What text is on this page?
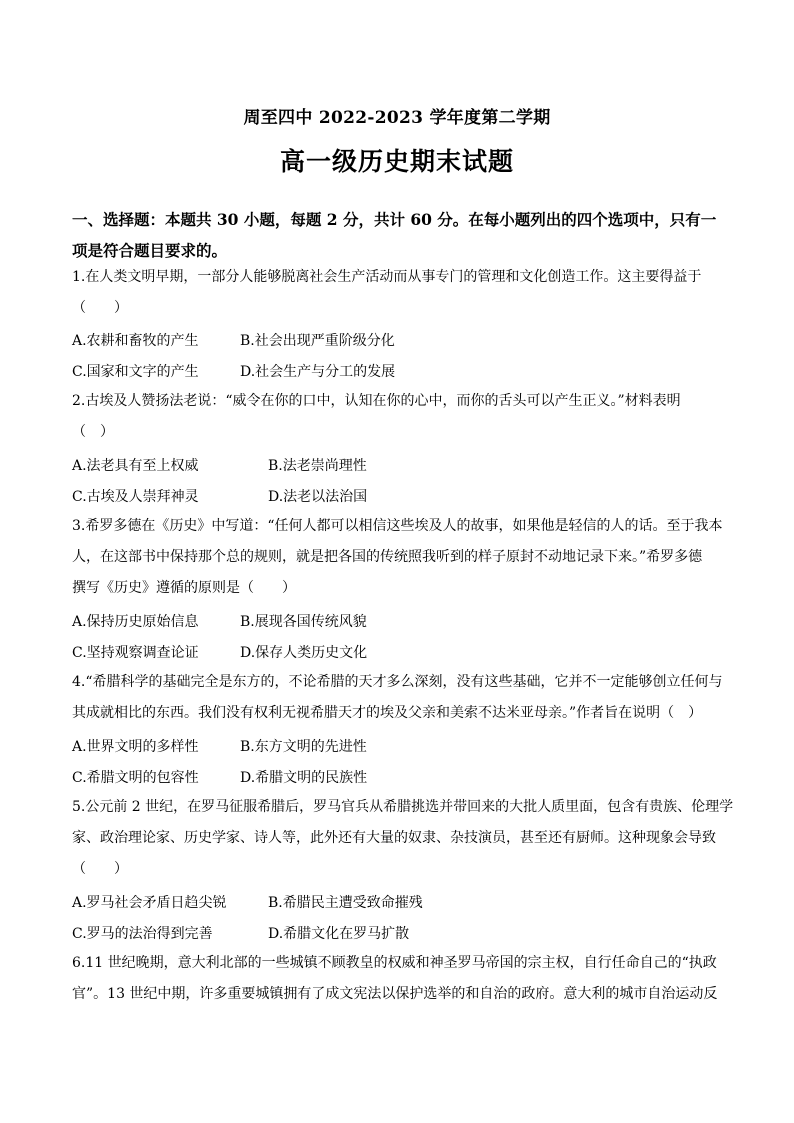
周至四中 2022-2023 学年度第二学期
高一级历史期末试题
一、选择题：本题共 30 小题，每题 2 分，共计 60 分。在每小题列出的四个选项中，只有一
项是符合题目要求的。
1.在人类文明早期，一部分人能够脱离社会生产活动而从事专门的管理和文化创造工作。这主要得益于
（　　）
A.农耕和畜牧的产生	B.社会出现严重阶级分化
C.国家和文字的产生	D.社会生产与分工的发展
2.古埃及人赞扬法老说：“威令在你的口中，认知在你的心中，而你的舌头可以产生正义。”材料表明
（　）
A.法老具有至上权威	B.法老崇尚理性
C.古埃及人崇拜神灵	D.法老以法治国
3.希罗多德在《历史》中写道：“任何人都可以相信这些埃及人的故事，如果他是轻信的人的话。至于我本
人，在这部书中保持那个总的规则，就是把各国的传统照我听到的样子原封不动地记录下来。”希罗多德
撰写《历史》遵循的原则是（　　）
A.保持历史原始信息	B.展现各国传统风貌
C.坚持观察调查论证	D.保存人类历史文化
4.“希腊科学的基础完全是东方的，不论希腊的天才多么深刻，没有这些基础，它并不一定能够创立任何与
其成就相比的东西。我们没有权利无视希腊天才的埃及父亲和美索不达米亚母亲。”作者旨在说明（　）
A.世界文明的多样性	B.东方文明的先进性
C.希腊文明的包容性	D.希腊文明的民族性
5.公元前 2 世纪，在罗马征服希腊后，罗马官兵从希腊挑选并带回来的大批人质里面，包含有贵族、伦理学
家、政治理论家、历史学家、诗人等，此外还有大量的奴隶、杂技演员，甚至还有厨师。这种现象会导致
（　　）
A.罗马社会矛盾日趋尖锐	B.希腊民主遭受致命摧残
C.罗马的法治得到完善	D.希腊文化在罗马扩散
6.11 世纪晚期，意大利北部的一些城镇不顾教皇的权威和神圣罗马帝国的宗主权，自行任命自己的“执政
官”。13 世纪中期，许多重要城镇拥有了成文宪法以保护选举的和自治的政府。意大利的城市自治运动反
